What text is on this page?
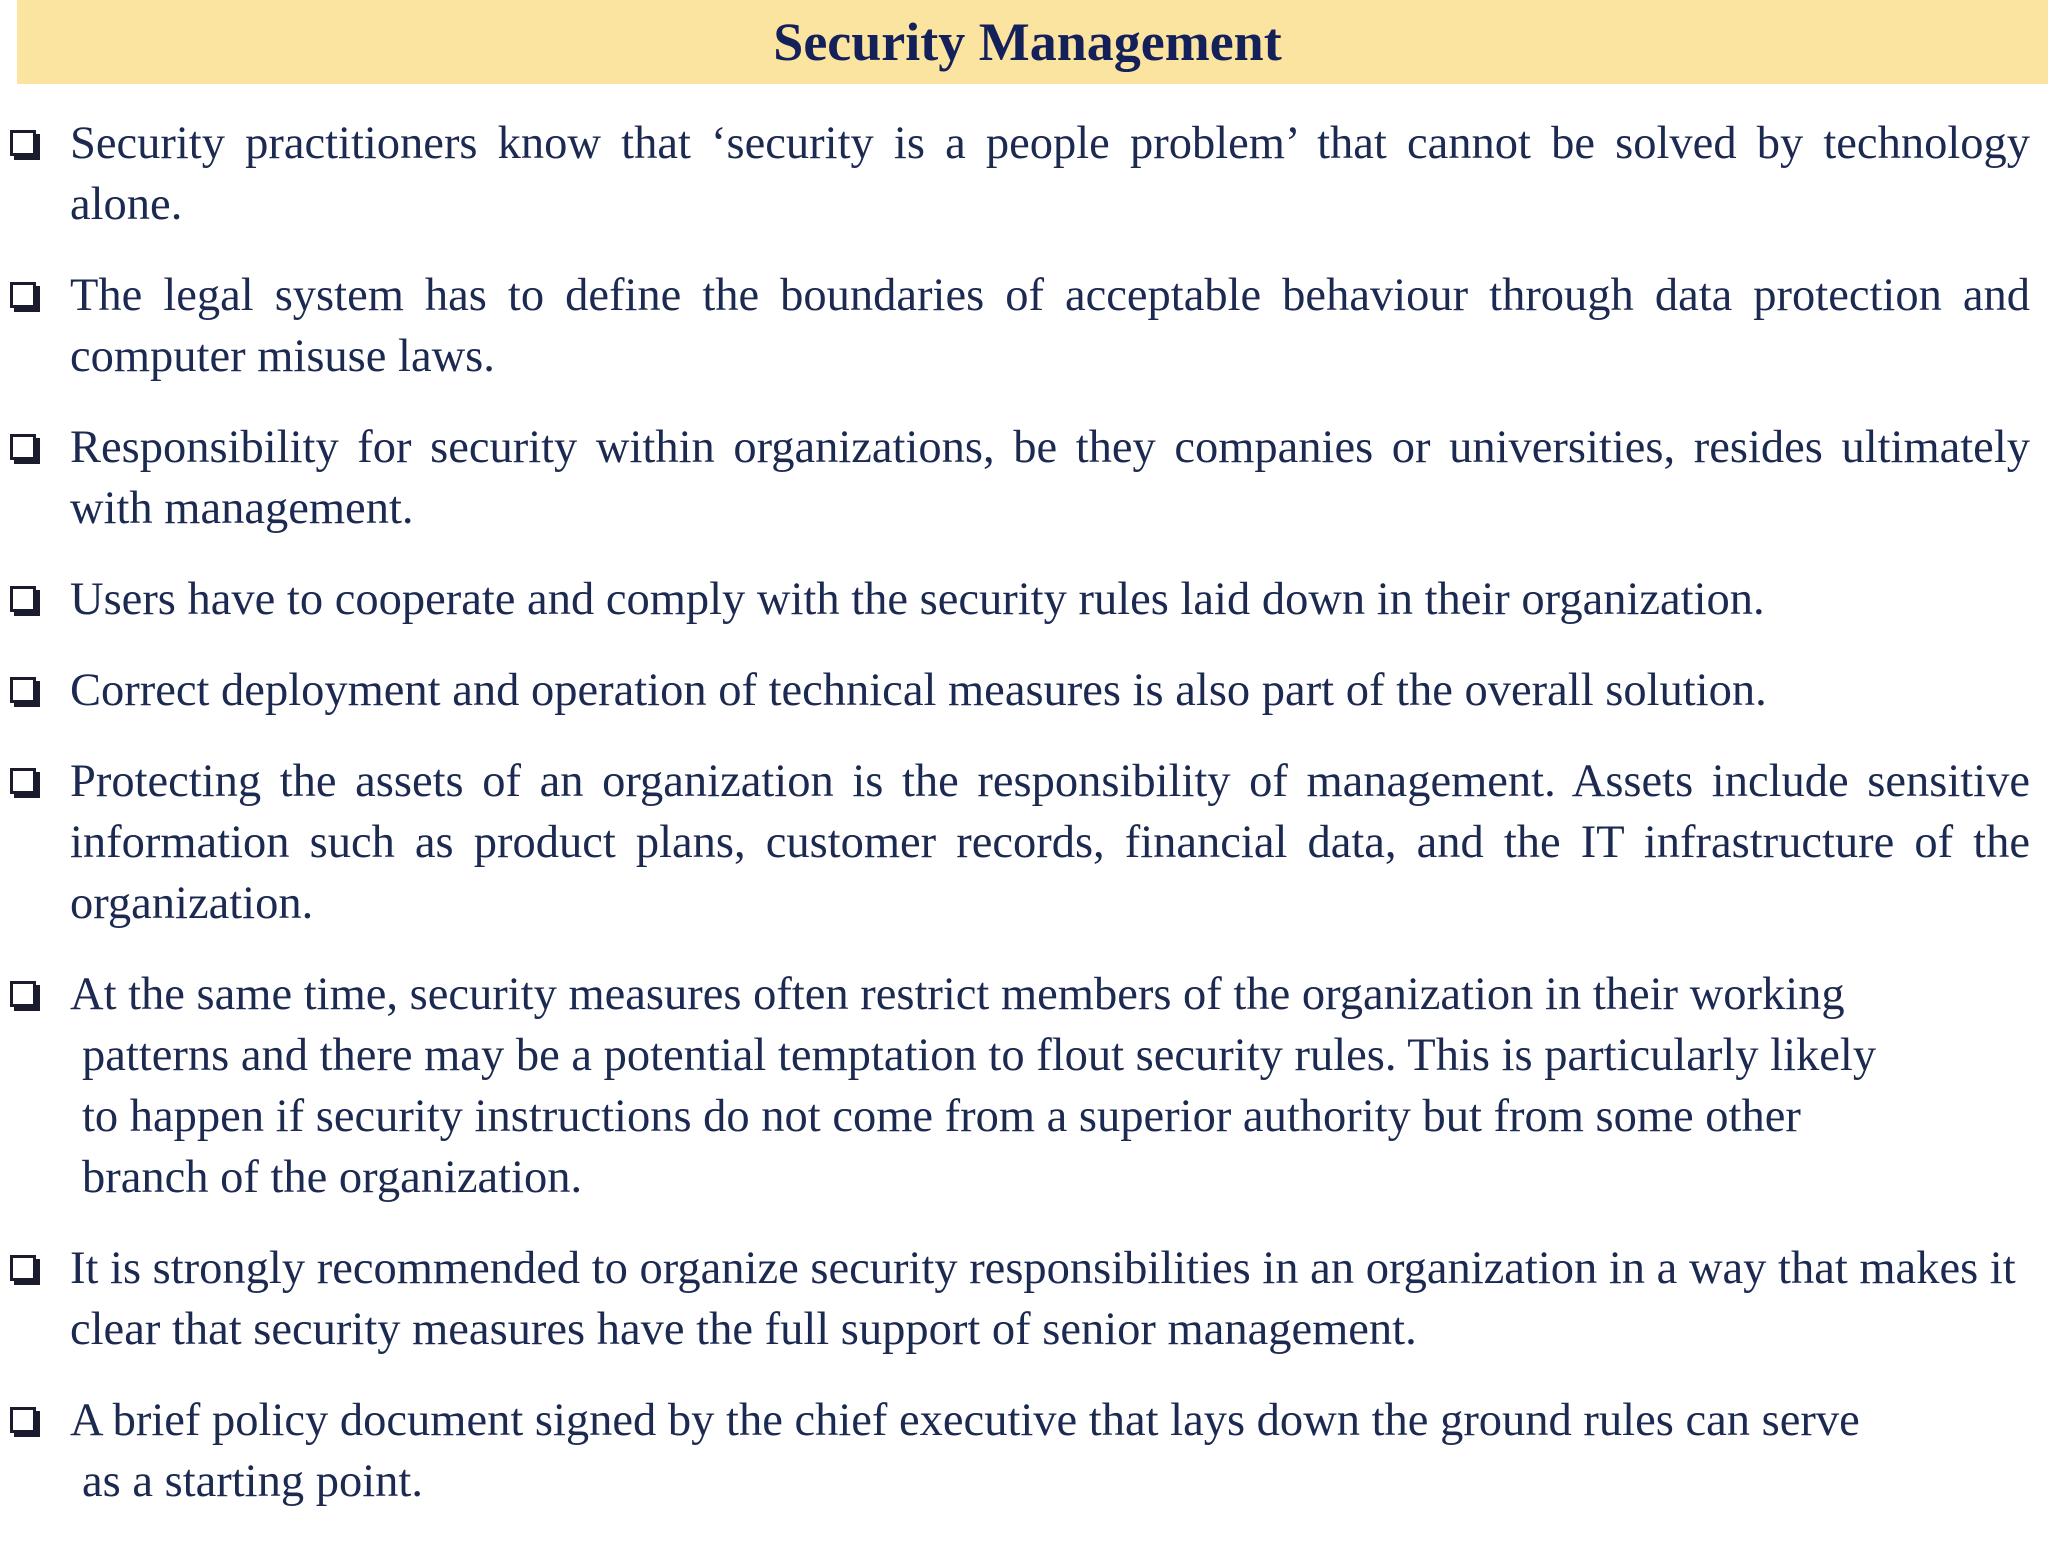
Security Management
Security practitioners know that ‘security is a people problem’ that cannot be solved by technology alone.
The legal system has to define the boundaries of acceptable behaviour through data protection and computer misuse laws.
Responsibility for security within organizations, be they companies or universities, resides ultimately with management.
Users have to cooperate and comply with the security rules laid down in their organization.
Correct deployment and operation of technical measures is also part of the overall solution.
Protecting the assets of an organization is the responsibility of management. Assets include sensitive information such as product plans, customer records, financial data, and the IT infrastructure of the organization.
At the same time, security measures often restrict members of the organization in their working patterns and there may be a potential temptation to flout security rules. This is particularly likely to happen if security instructions do not come from a superior authority but from some other branch of the organization.
It is strongly recommended to organize security responsibilities in an organization in a way that makes it clear that security measures have the full support of senior management.
A brief policy document signed by the chief executive that lays down the ground rules can serve as a starting point.
